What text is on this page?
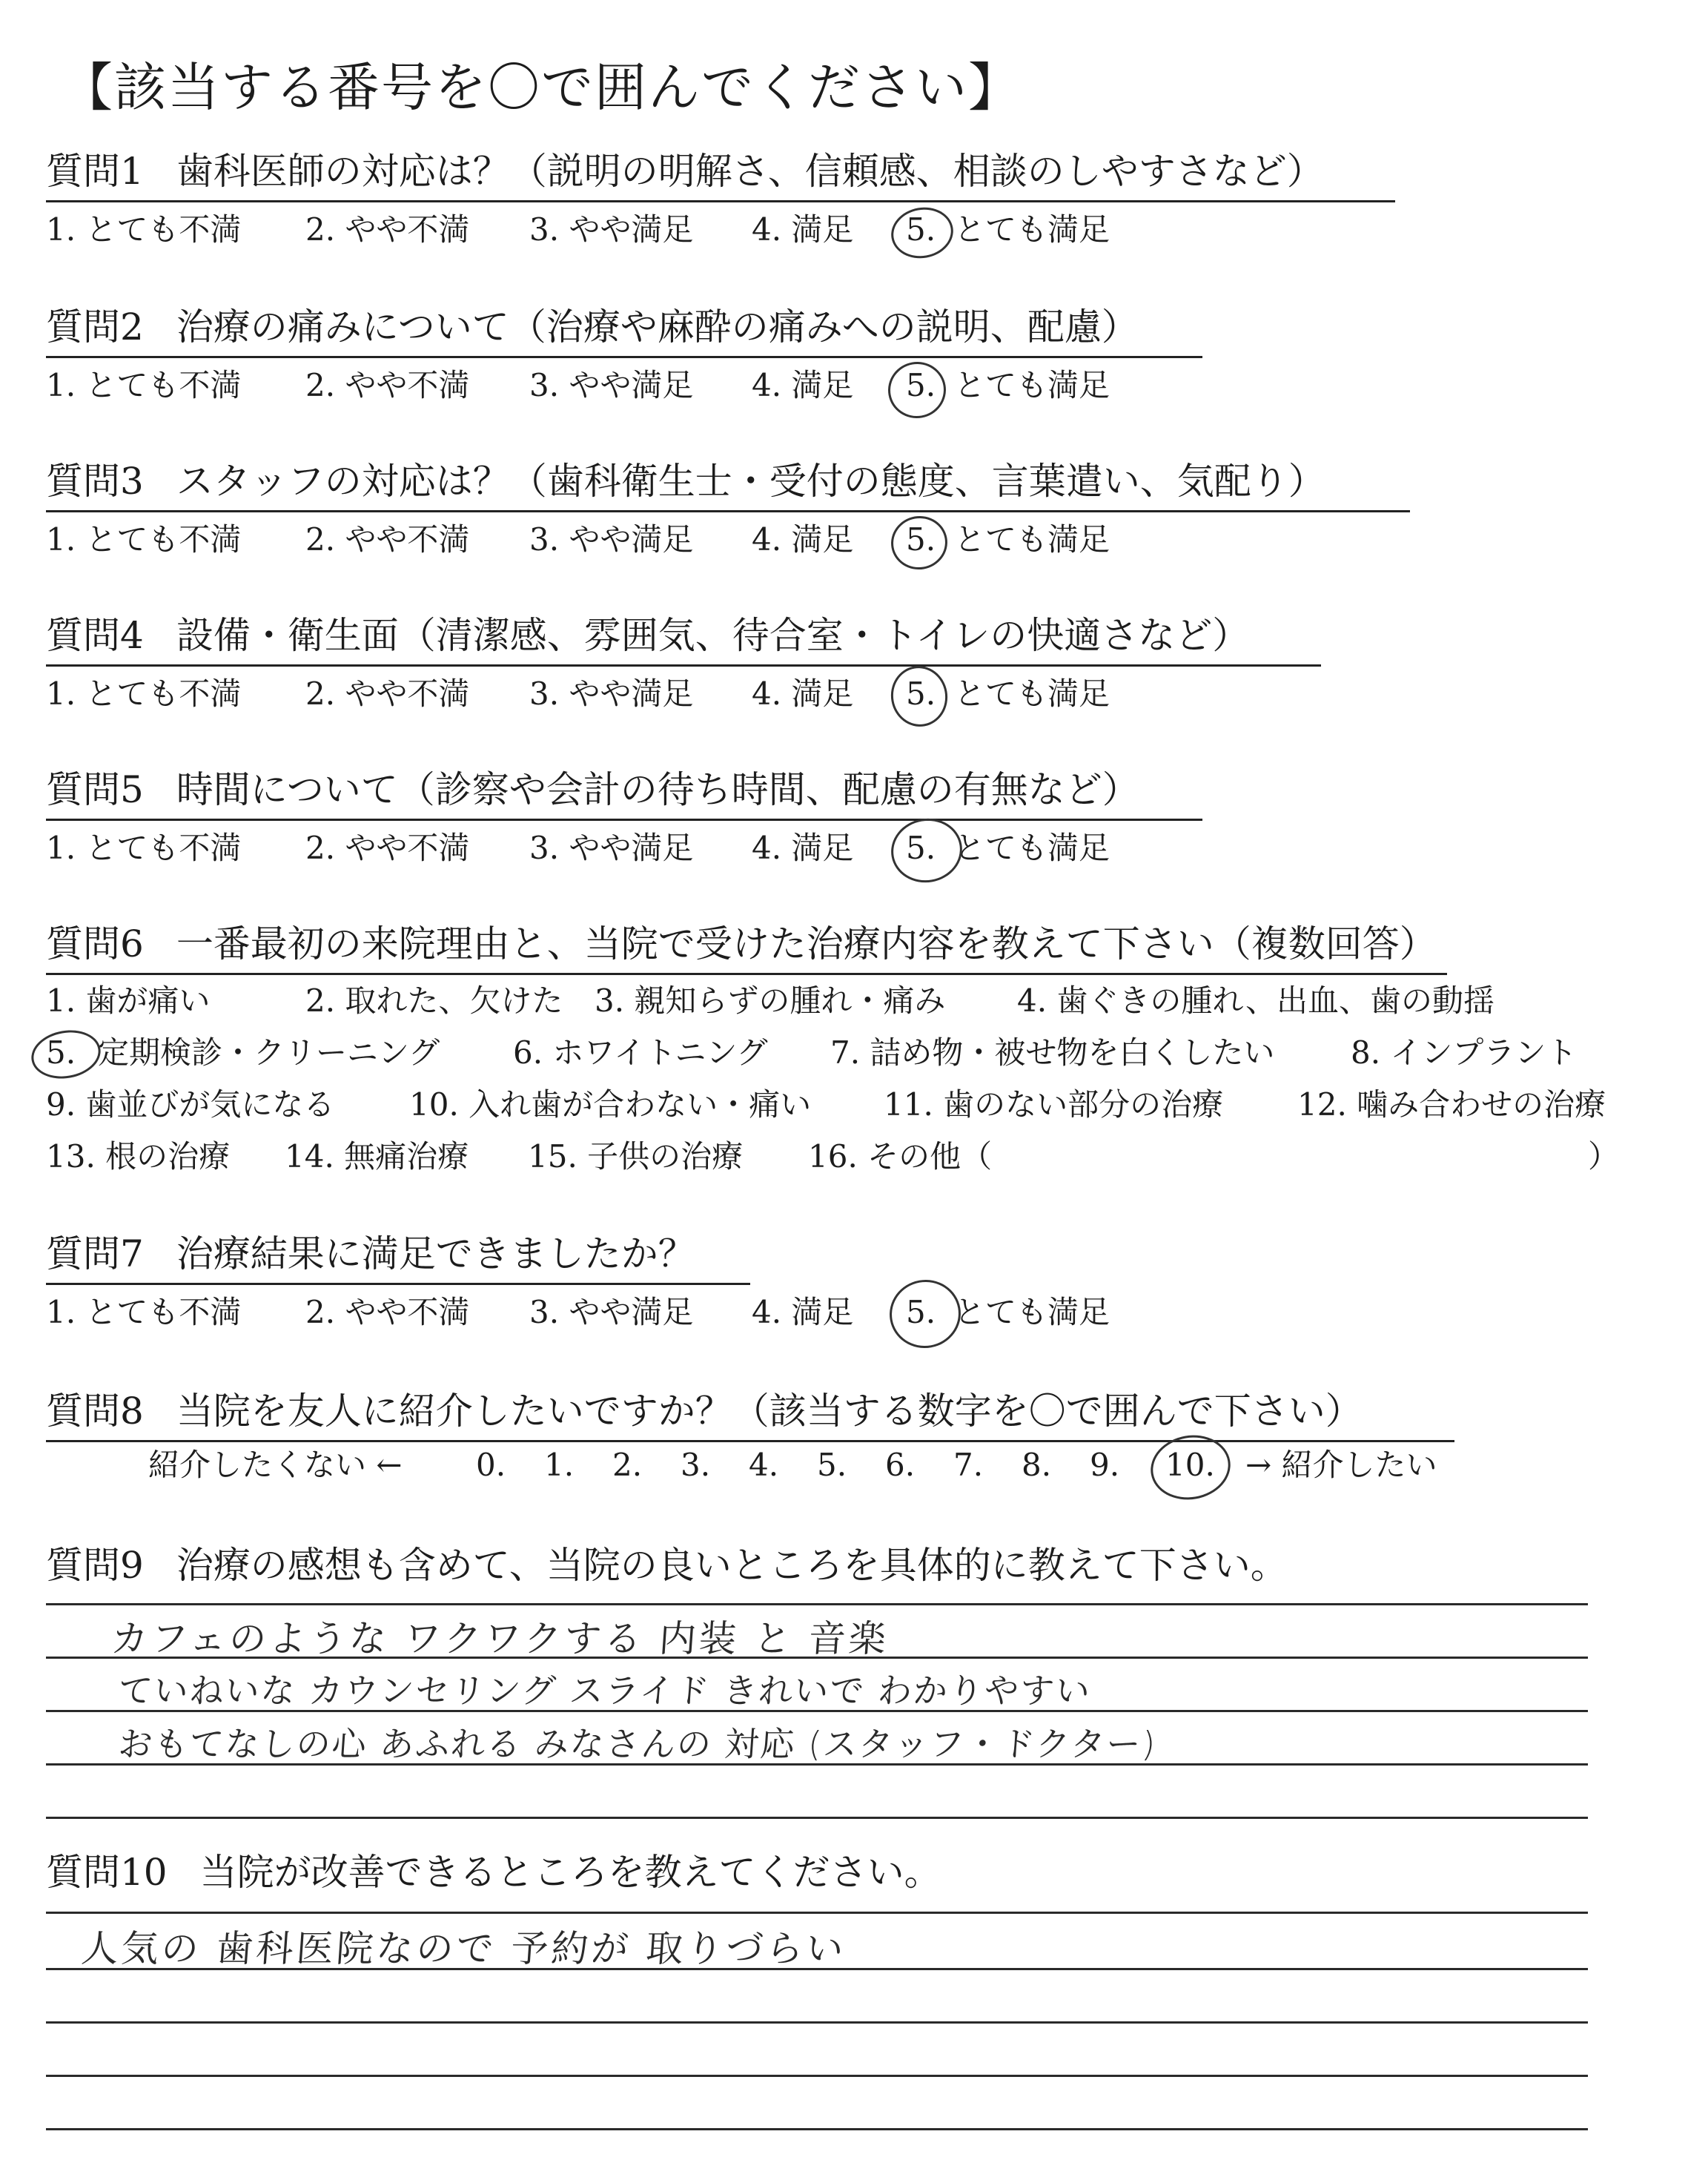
【該当する番号を〇で囲んでください】
質問1 歯科医師の対応は？（説明の明解さ、信頼感、相談のしやすさなど）
1. とても不満 2. やや不満 3. やや満足 4. 満足 5. とても満足
質問2 治療の痛みについて（治療や麻酔の痛みへの説明、配慮）
1. とても不満 2. やや不満 3. やや満足 4. 満足 5. とても満足
質問3 スタッフの対応は？（歯科衛生士・受付の態度、言葉遣い、気配り）
1. とても不満 2. やや不満 3. やや満足 4. 満足 5. とても満足
質問4 設備・衛生面（清潔感、雰囲気、待合室・トイレの快適さなど）
1. とても不満 2. やや不満 3. やや満足 4. 満足 5. とても満足
質問5 時間について（診察や会計の待ち時間、配慮の有無など）
1. とても不満 2. やや不満 3. やや満足 4. 満足 5. とても満足
質問6 一番最初の来院理由と、当院で受けた治療内容を教えて下さい（複数回答）
1. 歯が痛い	2. 取れた、欠けた 3. 親知らずの腫れ・痛み 4. 歯ぐきの腫れ、出血、歯の動揺
5. 定期検診・クリーニング 6. ホワイトニング 7. 詰め物・被せ物を白くしたい 8. インプラント
9. 歯並びが気になる 10. 入れ歯が合わない・痛い 11. 歯のない部分の治療 12. 噛み合わせの治療
13. 根の治療 14. 無痛治療 15. 子供の治療 16. その他（	）
質問7 治療結果に満足できましたか？
1. とても不満 2. やや不満 3. やや満足 4. 満足 5. とても満足
質問8 当院を友人に紹介したいですか？（該当する数字を〇で囲んで下さい）
紹介したくない ← 0. 1. 2. 3. 4. 5. 6. 7. 8. 9. 10. → 紹介したい
質問9 治療の感想も含めて、当院の良いところを具体的に教えて下さい。
カフェのような ワクワクする 内装 と 音楽
ていねいな カウンセリング スライド きれいで わかりやすい
おもてなしの心 あふれる みなさんの 対応 (スタッフ・ドクター)
質問10 当院が改善できるところを教えてください。
人気の 歯科医院なので 予約が 取りづらい
